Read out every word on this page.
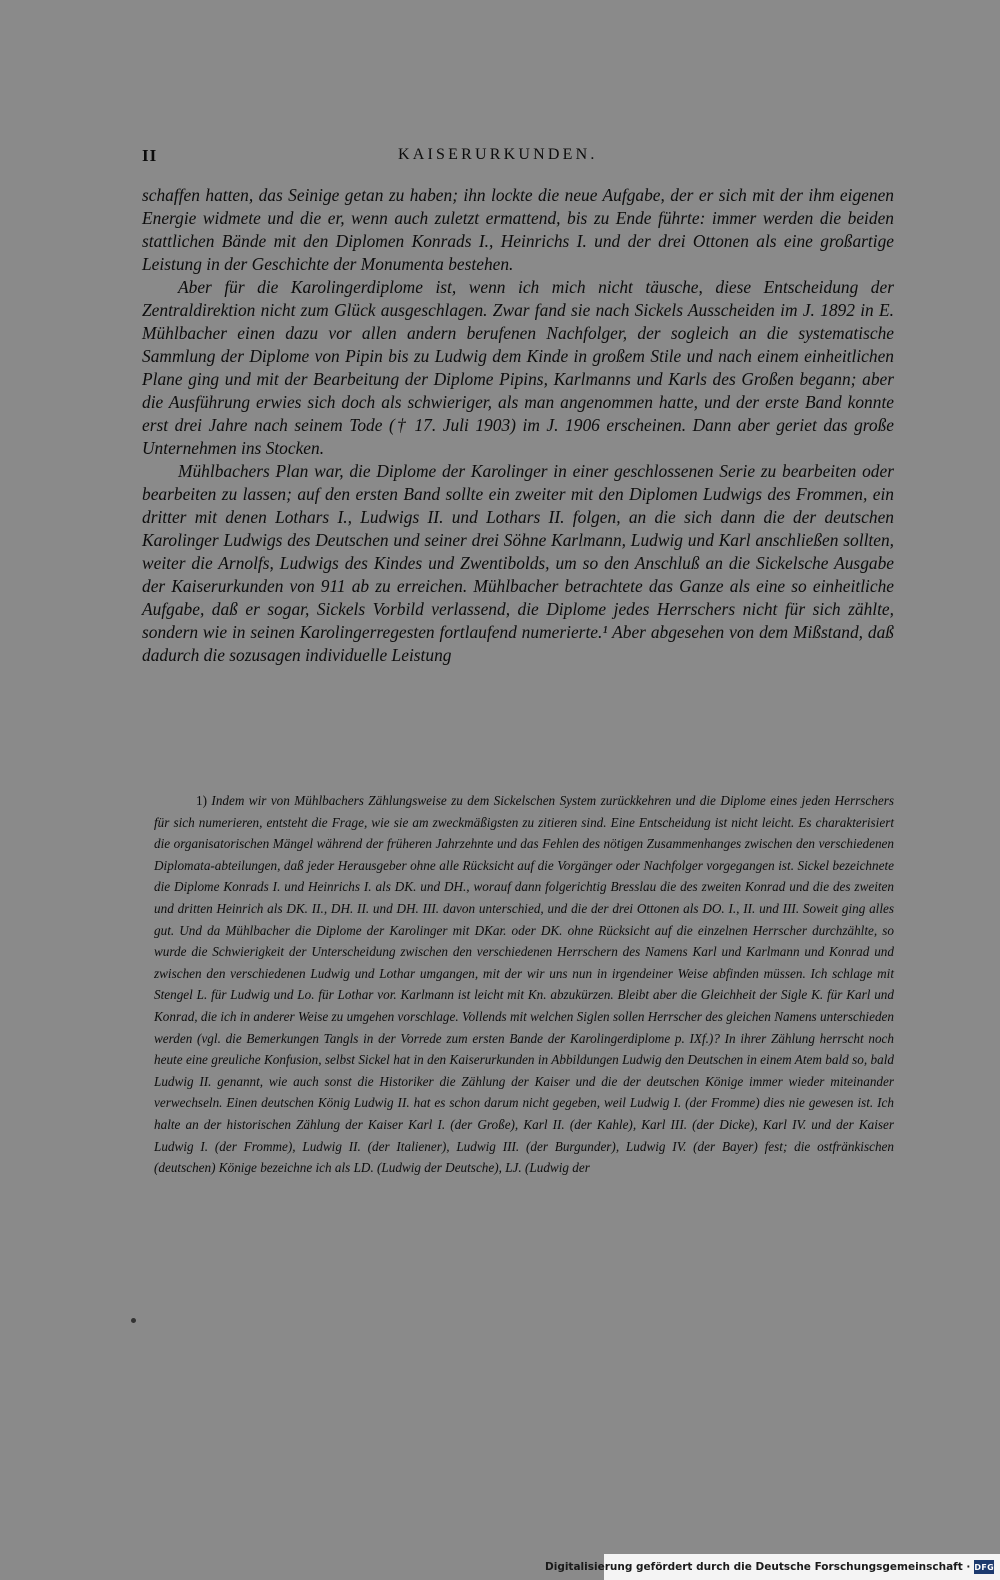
II	KAISERURKUNDEN.

schaffen hatten, das Seinige getan zu haben; ihn lockte die neue Aufgabe, der er sich mit der ihm eigenen Energie widmete und die er, wenn auch zuletzt ermattend, bis zu Ende führte: immer werden die beiden stattlichen Bände mit den Diplomen Konrads I., Heinrichs I. und der drei Ottonen als eine großartige Leistung in der Geschichte der Monumenta bestehen.

Aber für die Karolingerdiplome ist, wenn ich mich nicht täusche, diese Entscheidung der Zentraldirektion nicht zum Glück ausgeschlagen. Zwar fand sie nach Sickels Ausscheiden im J. 1892 in E. Mühlbacher einen dazu vor allen andern berufenen Nachfolger, der sogleich an die systematische Sammlung der Diplome von Pipin bis zu Ludwig dem Kinde in großem Stile und nach einem einheitlichen Plane ging und mit der Bearbeitung der Diplome Pipins, Karlmanns und Karls des Großen begann; aber die Ausführung erwies sich doch als schwieriger, als man angenommen hatte, und der erste Band konnte erst drei Jahre nach seinem Tode († 17. Juli 1903) im J. 1906 erscheinen. Dann aber geriet das große Unternehmen ins Stocken.

Mühlbachers Plan war, die Diplome der Karolinger in einer geschlossenen Serie zu bearbeiten oder bearbeiten zu lassen; auf den ersten Band sollte ein zweiter mit den Diplomen Ludwigs des Frommen, ein dritter mit denen Lothars I., Ludwigs II. und Lothars II. folgen, an die sich dann die der deutschen Karolinger Ludwigs des Deutschen und seiner drei Söhne Karlmann, Ludwig und Karl anschließen sollten, weiter die Arnolfs, Ludwigs des Kindes und Zwentibolds, um so den Anschluß an die Sickelsche Ausgabe der Kaiserurkunden von 911 ab zu erreichen. Mühlbacher betrachtete das Ganze als eine so einheitliche Aufgabe, daß er sogar, Sickels Vorbild verlassend, die Diplome jedes Herrschers nicht für sich zählte, sondern wie in seinen Karolingerregesten fortlaufend numerierte.¹ Aber abgesehen von dem Mißstand, daß dadurch die sozusagen individuelle Leistung

1) Indem wir von Mühlbachers Zählungsweise zu dem Sickelschen System zurückkehren und die Diplome eines jeden Herrschers für sich numerieren, entsteht die Frage, wie sie am zweckmäßigsten zu zitieren sind. Eine Entscheidung ist nicht leicht. Es charakterisiert die organisatorischen Mängel während der früheren Jahrzehnte und das Fehlen des nötigen Zusammenhanges zwischen den verschiedenen Diplomata-abteilungen, daß jeder Herausgeber ohne alle Rücksicht auf die Vorgänger oder Nachfolger vorgegangen ist. Sickel bezeichnete die Diplome Konrads I. und Heinrichs I. als DK. und DH., worauf dann folgerichtig Bresslau die des zweiten Konrad und die des zweiten und dritten Heinrich als DK. II., DH. II. und DH. III. davon unterschied, und die der drei Ottonen als DO. I., II. und III. Soweit ging alles gut. Und da Mühlbacher die Diplome der Karolinger mit DKar. oder DK. ohne Rücksicht auf die einzelnen Herrscher durchzählte, so wurde die Schwierigkeit der Unterscheidung zwischen den verschiedenen Herrschern des Namens Karl und Karlmann und Konrad und zwischen den verschiedenen Ludwig und Lothar umgangen, mit der wir uns nun in irgendeiner Weise abfinden müssen. Ich schlage mit Stengel L. für Ludwig und Lo. für Lothar vor. Karlmann ist leicht mit Kn. abzukürzen. Bleibt aber die Gleichheit der Sigle K. für Karl und Konrad, die ich in anderer Weise zu umgehen vorschlage. Vollends mit welchen Siglen sollen Herrscher des gleichen Namens unterschieden werden (vgl. die Bemerkungen Tangls in der Vorrede zum ersten Bande der Karolingerdiplome p. IXf.)? In ihrer Zählung herrscht noch heute eine greuliche Konfusion, selbst Sickel hat in den Kaiserurkunden in Abbildungen Ludwig den Deutschen in einem Atem bald so, bald Ludwig II. genannt, wie auch sonst die Historiker die Zählung der Kaiser und die der deutschen Könige immer wieder miteinander verwechseln. Einen deutschen König Ludwig II. hat es schon darum nicht gegeben, weil Ludwig I. (der Fromme) dies nie gewesen ist. Ich halte an der historischen Zählung der Kaiser Karl I. (der Große), Karl II. (der Kahle), Karl III. (der Dicke), Karl IV. und der Kaiser Ludwig I. (der Fromme), Ludwig II. (der Italiener), Ludwig III. (der Burgunder), Ludwig IV. (der Bayer) fest; die ostfränkischen (deutschen) Könige bezeichne ich als LD. (Ludwig der Deutsche), LJ. (Ludwig der

Digitalisierung gefördert durch die Deutsche Forschungsgemeinschaft · DFG
